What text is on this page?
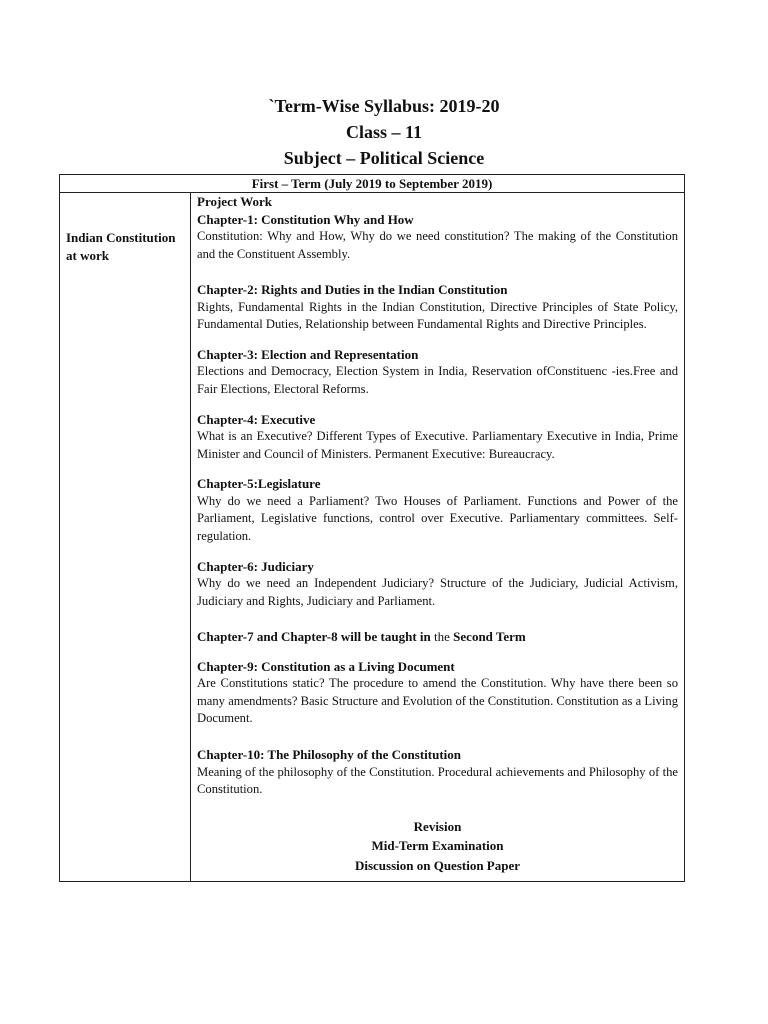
`Term-Wise Syllabus: 2019-20
Class – 11
Subject – Political Science
First – Term (July 2019 to September 2019)
Indian Constitution at work	
Project Work
Chapter-1: Constitution Why and How
Constitution: Why and How, Why do we need constitution? The making of the Constitution and the Constituent Assembly.
Chapter-2: Rights and Duties in the Indian Constitution
Rights, Fundamental Rights in the Indian Constitution, Directive Principles of State Policy, Fundamental Duties, Relationship between Fundamental Rights and Directive Principles.
Chapter-3: Election and Representation
Elections and Democracy, Election System in India, Reservation ofConstituenc -ies.Free and Fair Elections, Electoral Reforms.
Chapter-4: Executive
What is an Executive? Different Types of Executive. Parliamentary Executive in India, Prime Minister and Council of Ministers. Permanent Executive: Bureaucracy.
Chapter-5:Legislature
Why do we need a Parliament? Two Houses of Parliament. Functions and Power of the Parliament, Legislative functions, control over Executive. Parliamentary committees. Self-regulation.
Chapter-6: Judiciary
Why do we need an Independent Judiciary? Structure of the Judiciary, Judicial Activism, Judiciary and Rights, Judiciary and Parliament.
Chapter-7 and Chapter-8 will be taught in the Second Term
Chapter-9: Constitution as a Living Document
Are Constitutions static? The procedure to amend the Constitution. Why have there been so many amendments? Basic Structure and Evolution of the Constitution. Constitution as a Living Document.
Chapter-10: The Philosophy of the Constitution
Meaning of the philosophy of the Constitution. Procedural achievements and Philosophy of the Constitution.
Revision
Mid-Term Examination
Discussion on Question Paper
